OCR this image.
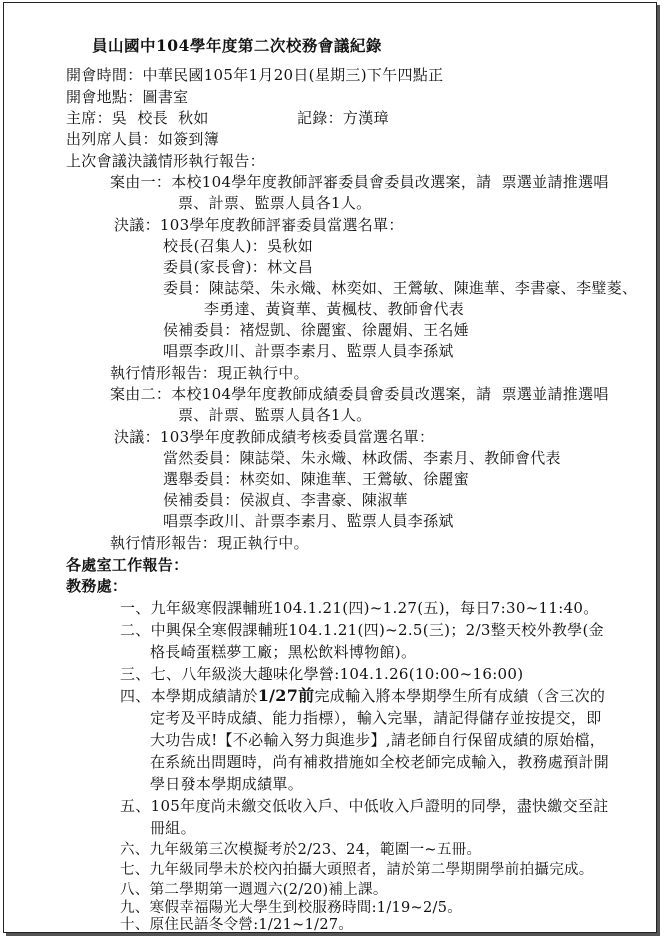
員山國中104學年度第二次校務會議紀錄
開會時間：中華民國105年1月20日(星期三)下午四點正
開會地點：圖書室
主席：吳  校長  秋如	記錄：方漢璋
出列席人員：如簽到簿
上次會議決議情形執行報告：
案由一：本校104學年度教師評審委員會委員改選案，請  票選並請推選唱
票、計票、監票人員各1人。
決議：103學年度教師評審委員當選名單：
校長(召集人)：吳秋如
委員(家長會)：林文昌
委員：陳誌榮、朱永熾、林奕如、王鶯敏、陳進華、李書豪、李璧菱、
李勇達、黃資華、黃楓枝、教師會代表
侯補委員：褚煜凱、徐麗蜜、徐麗娟、王名娷
唱票李政川、計票李素月、監票人員李孫斌
執行情形報告：現正執行中。
案由二：本校104學年度教師成績委員會委員改選案，請  票選並請推選唱
票、計票、監票人員各1人。
決議：103學年度教師成績考核委員當選名單：
當然委員：陳誌榮、朱永熾、林政儒、李素月、教師會代表
選舉委員：林奕如、陳進華、王鶯敏、徐麗蜜
侯補委員：侯淑貞、李書豪、陳淑華
唱票李政川、計票李素月、監票人員李孫斌
執行情形報告：現正執行中。
各處室工作報告：
教務處：
一、九年級寒假課輔班104.1.21(四)~1.27(五)，每日7:30~11:40。
二、中興保全寒假課輔班104.1.21(四)~2.5(三)；2/3整天校外教學(金
格長崎蛋糕夢工廠；黑松飲料博物館)。
三、七、八年級淡大趣味化學營:104.1.26(10:00~16:00)
四、本學期成績請於1/27前完成輸入將本學期學生所有成績（含三次的
定考及平時成績、能力指標），輸入完畢，請記得儲存並按提交，即
大功告成!【不必輸入努力與進步】,請老師自行保留成績的原始檔，
在系統出問題時，尚有補救措施如全校老師完成輸入，教務處預計開
學日發本學期成績單。
五、105年度尚未繳交低收入戶、中低收入戶證明的同學，盡快繳交至註
冊組。
六、九年級第三次模擬考於2/23、24，範圍一~五冊。
七、九年級同學未於校內拍攝大頭照者，請於第二學期開學前拍攝完成。
八、第二學期第一週週六(2/20)補上課。
九、寒假幸福陽光大學生到校服務時間:1/19~2/5。
十、原住民語冬令營:1/21~1/27。
